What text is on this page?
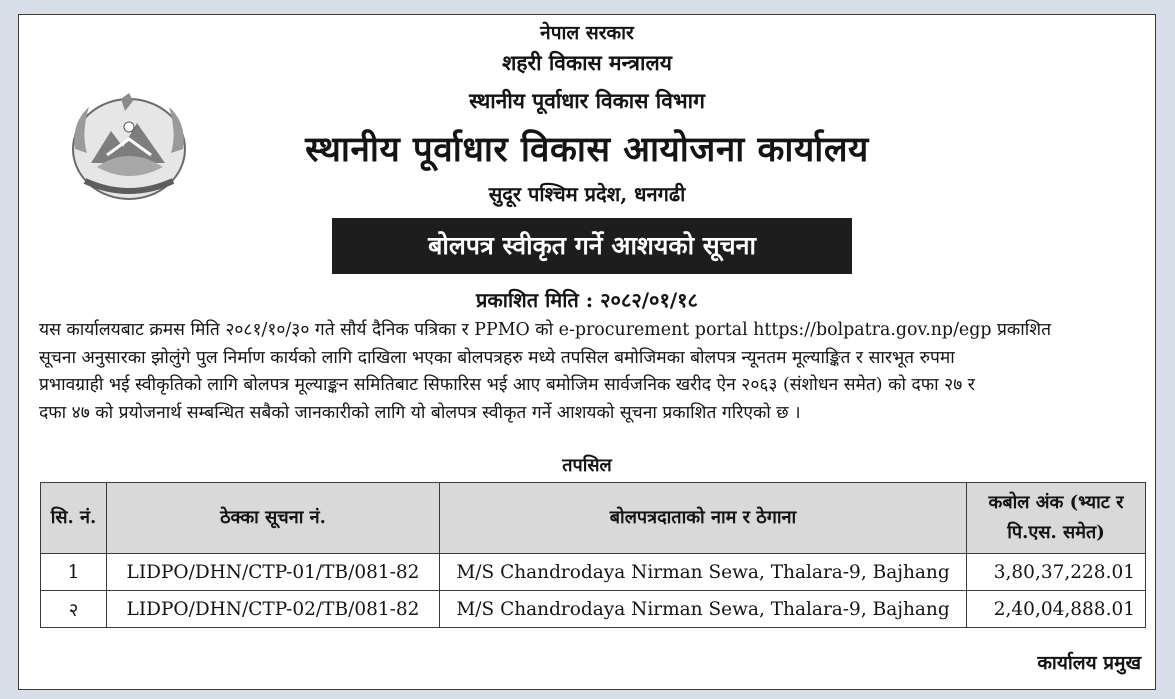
नेपाल सरकार
शहरी विकास मन्त्रालय
स्थानीय पूर्वाधार विकास विभाग
स्थानीय पूर्वाधार विकास आयोजना कार्यालय
सुदूर पश्चिम प्रदेश, धनगढी
बोलपत्र स्वीकृत गर्ने आशयको सूचना
प्रकाशित मिति : २०८२/०१/१८

यस कार्यालयबाट क्रमस मिति २०८१/१०/३० गते सौर्य दैनिक पत्रिका र PPMO को e-procurement portal https://bolpatra.gov.np/egp प्रकाशित
सूचना अनुसारका झोलुंगे पुल निर्माण कार्यको लागि दाखिला भएका बोलपत्रहरु मध्ये तपसिल बमोजिमका बोलपत्र न्यूनतम मूल्याङ्कित र सारभूत रुपमा
प्रभावग्राही भई स्वीकृतिको लागि बोलपत्र मूल्याङ्कन समितिबाट सिफारिस भई आए बमोजिम सार्वजनिक खरीद ऐन २०६३ (संशोधन समेत) को दफा २७ र
दफा ४७ को प्रयोजनार्थ सम्बन्धित सबैको जानकारीको लागि यो बोलपत्र स्वीकृत गर्ने आशयको सूचना प्रकाशित गरिएको छ ।

तपसिल
सि. नं.	ठेक्का सूचना नं.	बोलपत्रदाताको नाम र ठेगाना	कबोल अंक (भ्याट र पि.एस. समेत)
1	LIDPO/DHN/CTP-01/TB/081-82	M/S Chandrodaya Nirman Sewa, Thalara-9, Bajhang	3,80,37,228.01
२	LIDPO/DHN/CTP-02/TB/081-82	M/S Chandrodaya Nirman Sewa, Thalara-9, Bajhang	2,40,04,888.01
कार्यालय प्रमुख
